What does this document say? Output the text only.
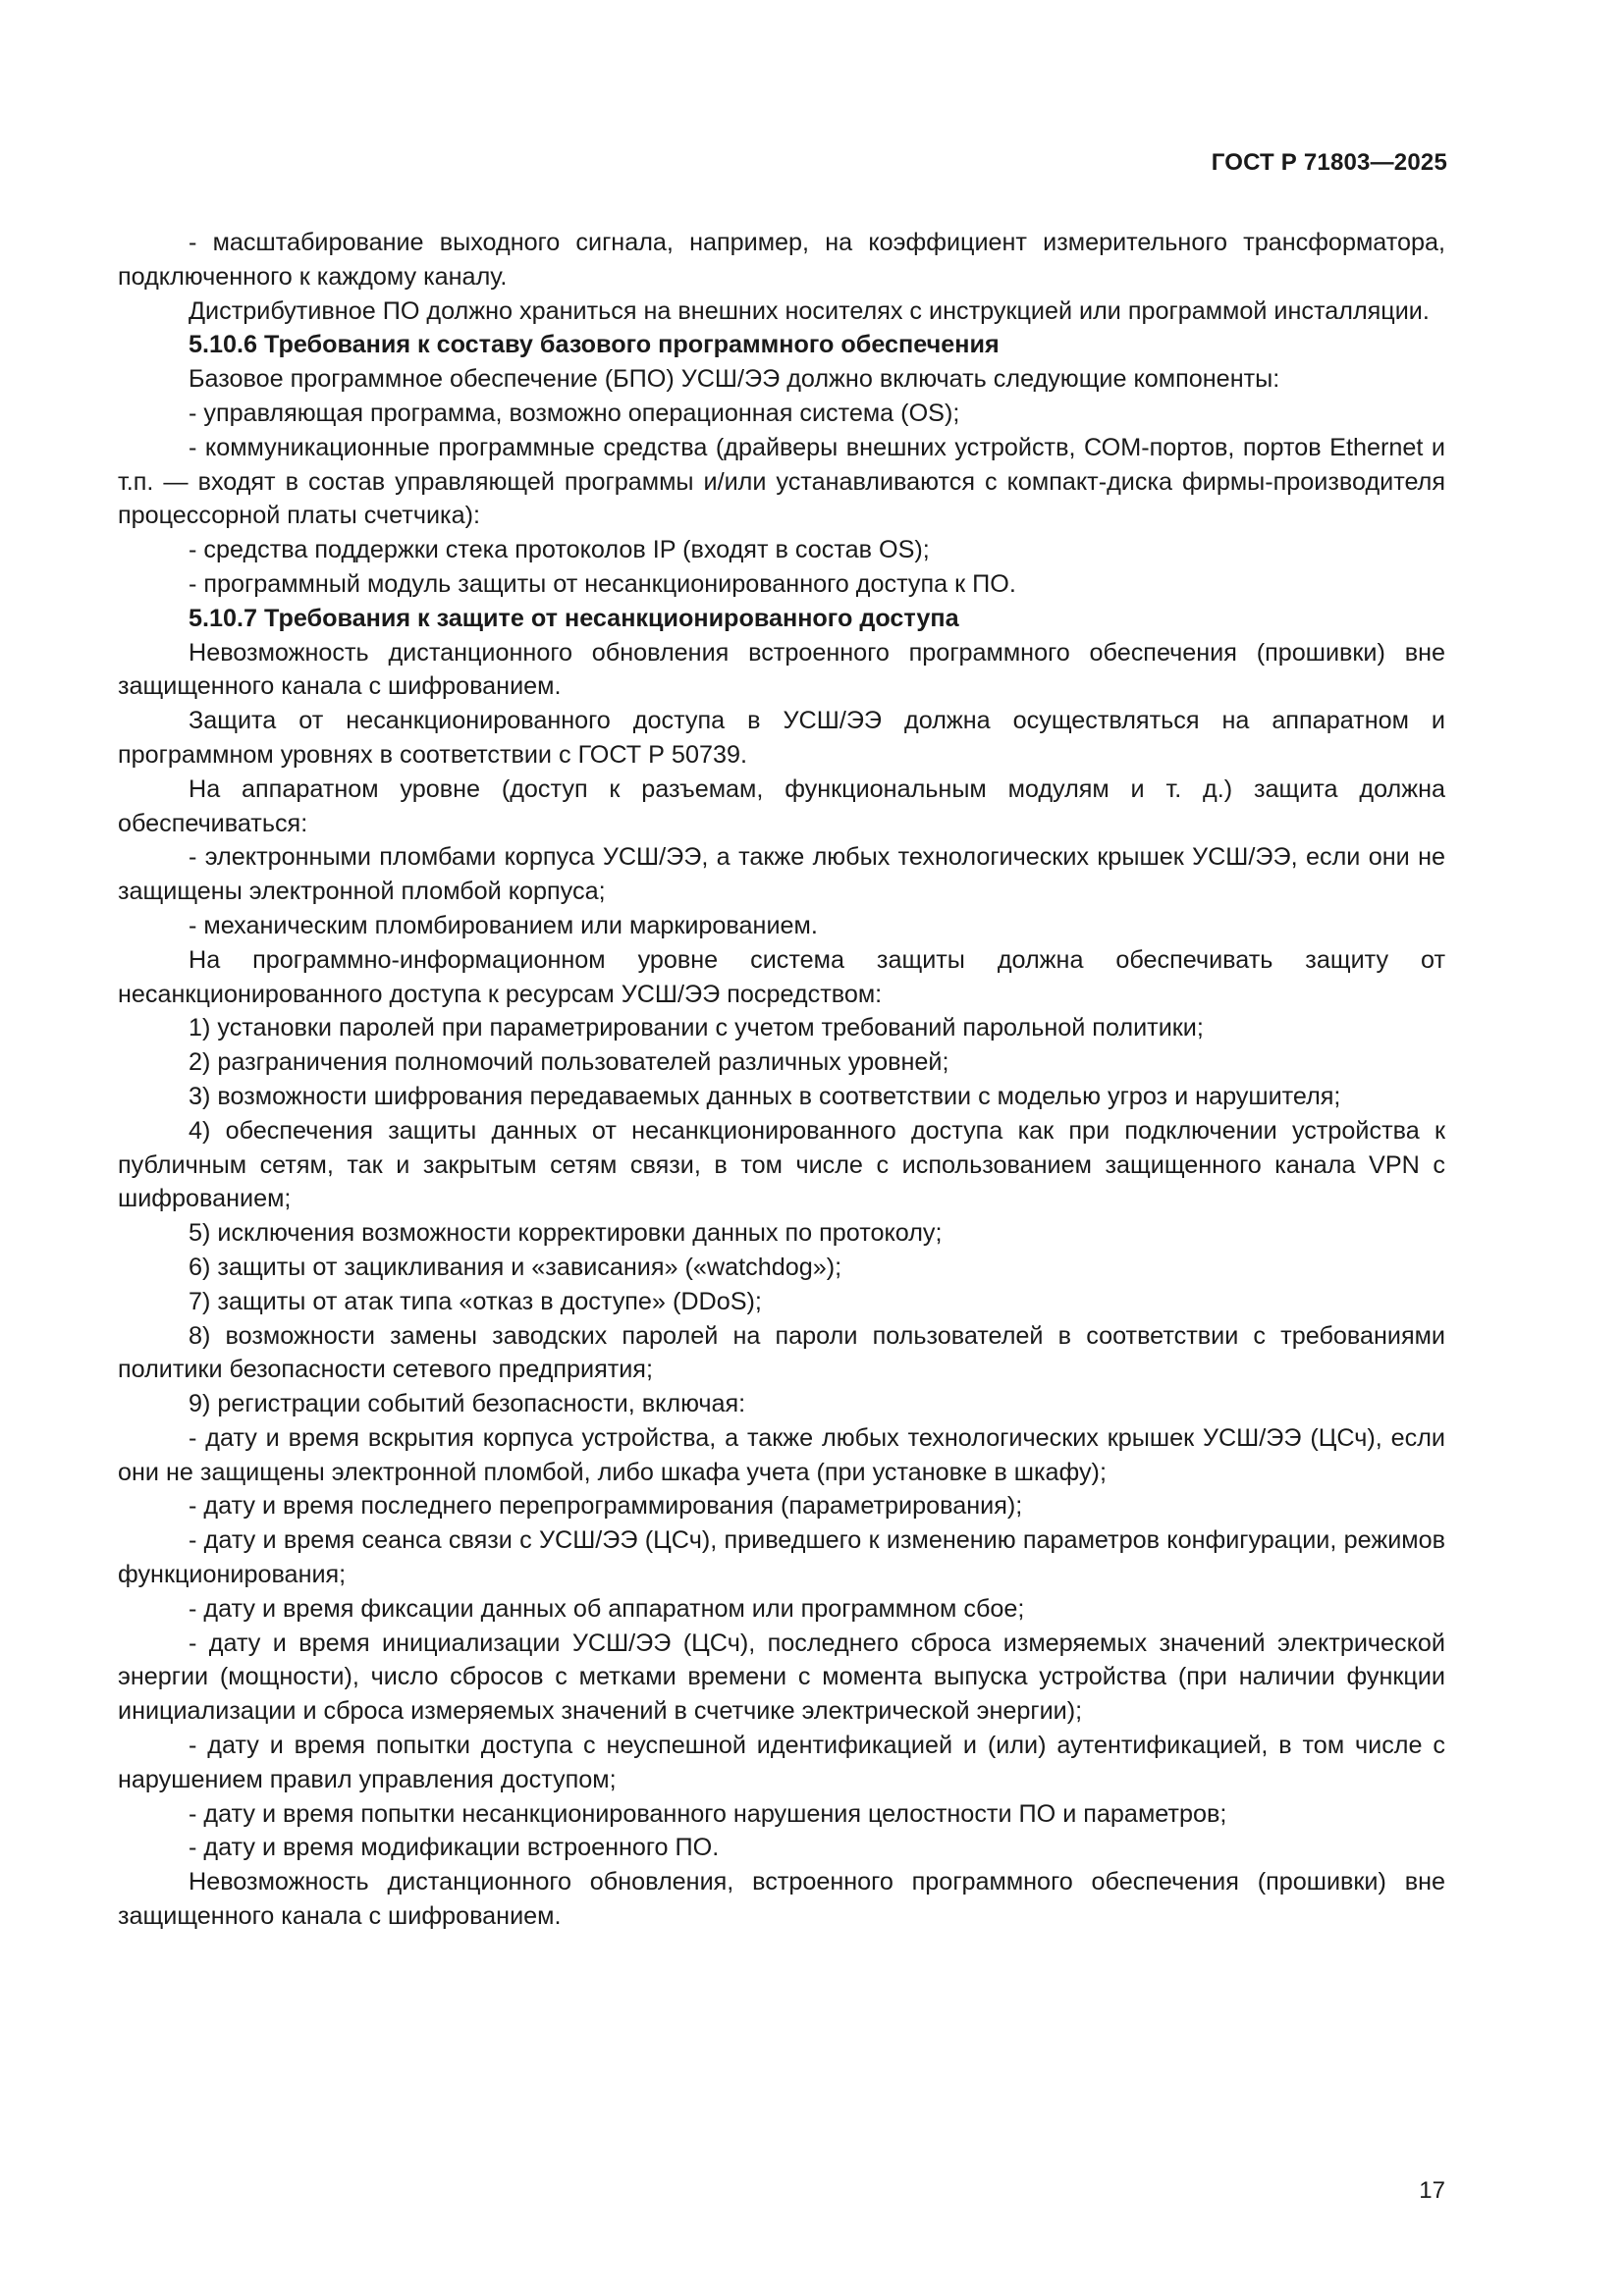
ГОСТ Р 71803—2025

- масштабирование выходного сигнала, например, на коэффициент измерительного трансформатора, подключенного к каждому каналу.

Дистрибутивное ПО должно храниться на внешних носителях с инструкцией или программой инсталляции.

5.10.6 Требования к составу базового программного обеспечения

Базовое программное обеспечение (БПО) УСШ/ЭЭ должно включать следующие компоненты:

- управляющая программа, возможно операционная система (OS);

- коммуникационные программные средства (драйверы внешних устройств, СОМ-портов, портов Ethernet и т.п. — входят в состав управляющей программы и/или устанавливаются с компакт-диска фирмы-производителя процессорной платы счетчика):

- средства поддержки стека протоколов IP (входят в состав OS);

- программный модуль защиты от несанкционированного доступа к ПО.

5.10.7 Требования к защите от несанкционированного доступа

Невозможность дистанционного обновления встроенного программного обеспечения (прошивки) вне защищенного канала с шифрованием.

Защита от несанкционированного доступа в УСШ/ЭЭ должна осуществляться на аппаратном и программном уровнях в соответствии с ГОСТ Р 50739.

На аппаратном уровне (доступ к разъемам, функциональным модулям и т. д.) защита должна обеспечиваться:

- электронными пломбами корпуса УСШ/ЭЭ, а также любых технологических крышек УСШ/ЭЭ, если они не защищены электронной пломбой корпуса;

- механическим пломбированием или маркированием.

На программно-информационном уровне система защиты должна обеспечивать защиту от несанкционированного доступа к ресурсам УСШ/ЭЭ посредством:

1) установки паролей при параметрировании с учетом требований парольной политики;

2) разграничения полномочий пользователей различных уровней;

3) возможности шифрования передаваемых данных в соответствии с моделью угроз и нарушителя;

4) обеспечения защиты данных от несанкционированного доступа как при подключении устройства к публичным сетям, так и закрытым сетям связи, в том числе с использованием защищенного канала VPN с шифрованием;

5) исключения возможности корректировки данных по протоколу;

6) защиты от зацикливания и «зависания» («watchdog»);

7) защиты от атак типа «отказ в доступе» (DDoS);

8) возможности замены заводских паролей на пароли пользователей в соответствии с требованиями политики безопасности сетевого предприятия;

9) регистрации событий безопасности, включая:

- дату и время вскрытия корпуса устройства, а также любых технологических крышек УСШ/ЭЭ (ЦСч), если они не защищены электронной пломбой, либо шкафа учета (при установке в шкафу);

- дату и время последнего перепрограммирования (параметрирования);

- дату и время сеанса связи с УСШ/ЭЭ (ЦСч), приведшего к изменению параметров конфигурации, режимов функционирования;

- дату и время фиксации данных об аппаратном или программном сбое;

- дату и время инициализации УСШ/ЭЭ (ЦСч), последнего сброса измеряемых значений электрической энергии (мощности), число сбросов с метками времени с момента выпуска устройства (при наличии функции инициализации и сброса измеряемых значений в счетчике электрической энергии);

- дату и время попытки доступа с неуспешной идентификацией и (или) аутентификацией, в том числе с нарушением правил управления доступом;

- дату и время попытки несанкционированного нарушения целостности ПО и параметров;

- дату и время модификации встроенного ПО.

Невозможность дистанционного обновления, встроенного программного обеспечения (прошивки) вне защищенного канала с шифрованием.

17
